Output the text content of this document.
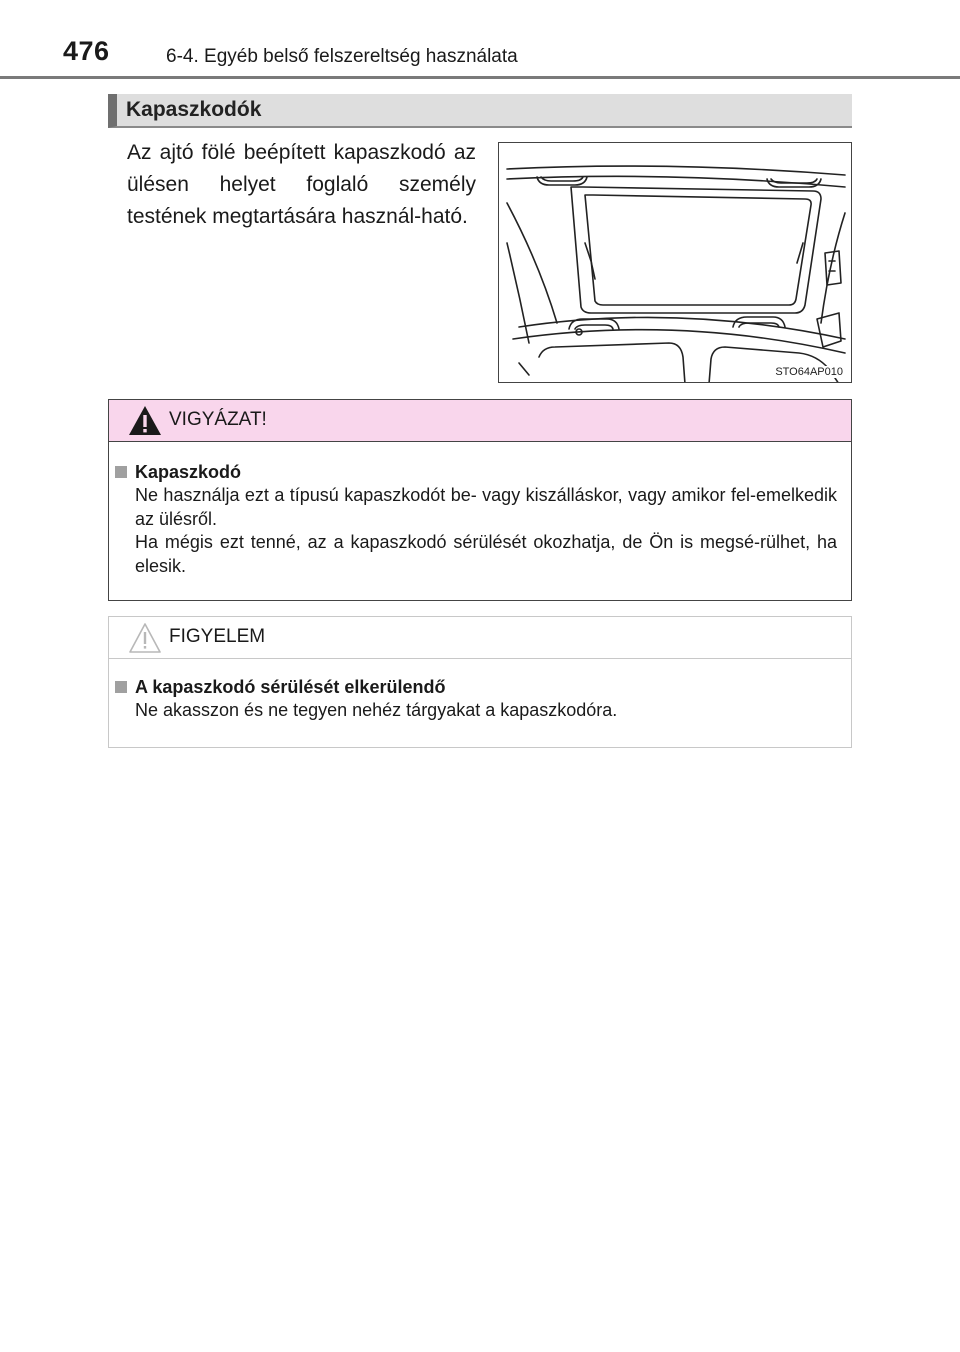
476	6-4. Egyéb belső felszereltség használata
Kapaszkodók
Az ajtó fölé beépített kapaszkodó az ülésen helyet foglaló személy testének megtartására használ-ható.
STO64AP010
VIGYÁZAT!
Kapaszkodó
Ne használja ezt a típusú kapaszkodót be- vagy kiszálláskor, vagy amikor fel-emelkedik az ülésről.
Ha mégis ezt tenné, az a kapaszkodó sérülését okozhatja, de Ön is megsé-rülhet, ha elesik.
FIGYELEM
A kapaszkodó sérülését elkerülendő
Ne akasszon és ne tegyen nehéz tárgyakat a kapaszkodóra.
